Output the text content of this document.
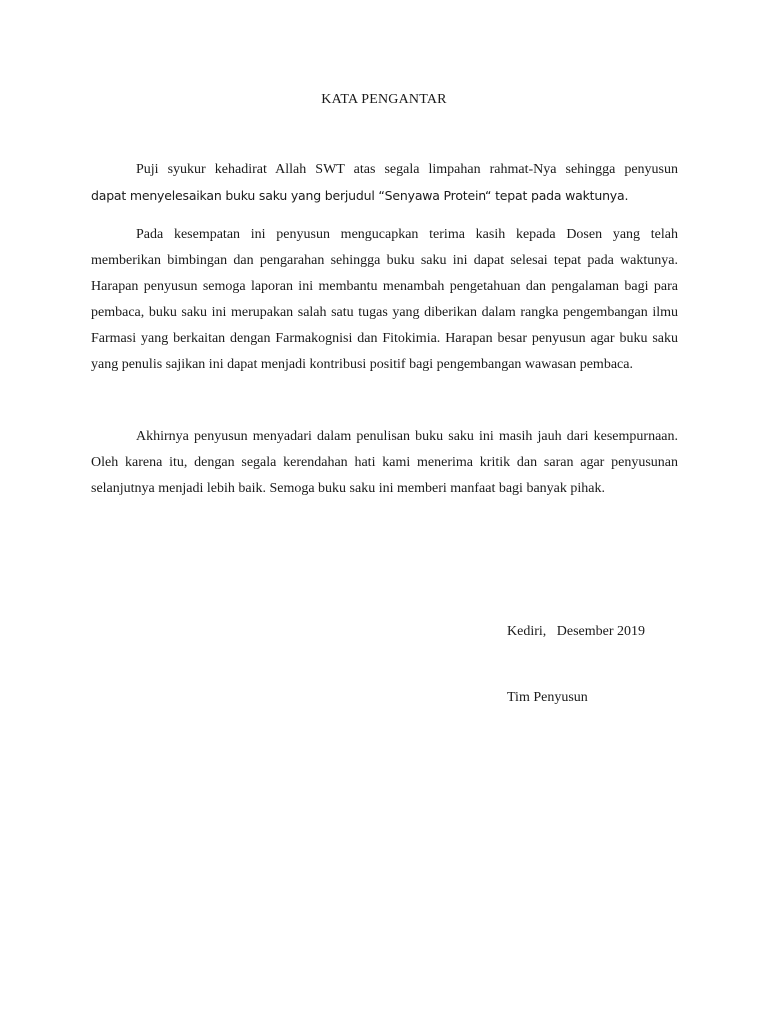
KATA PENGANTAR
Puji syukur kehadirat Allah SWT atas segala limpahan rahmat-Nya sehingga penyusun
dapat menyelesaikan buku saku yang berjudul “Senyawa Protein“ tepat pada waktunya.

Pada kesempatan ini penyusun mengucapkan terima kasih kepada Dosen yang telah memberikan bimbingan dan pengarahan sehingga buku saku ini dapat selesai tepat pada waktunya. Harapan penyusun semoga laporan ini membantu menambah pengetahuan dan pengalaman bagi para pembaca, buku saku ini merupakan salah satu tugas yang diberikan dalam rangka pengembangan ilmu Farmasi yang berkaitan dengan Farmakognisi dan Fitokimia. Harapan besar penyusun agar buku saku yang penulis sajikan ini dapat menjadi kontribusi positif bagi pengembangan wawasan pembaca.

Akhirnya penyusun menyadari dalam penulisan buku saku ini masih jauh dari kesempurnaan. Oleh karena itu, dengan segala kerendahan hati kami menerima kritik dan saran agar penyusunan selanjutnya menjadi lebih baik. Semoga buku saku ini memberi manfaat bagi banyak pihak.

Kediri,   Desember 2019

Tim Penyusun
